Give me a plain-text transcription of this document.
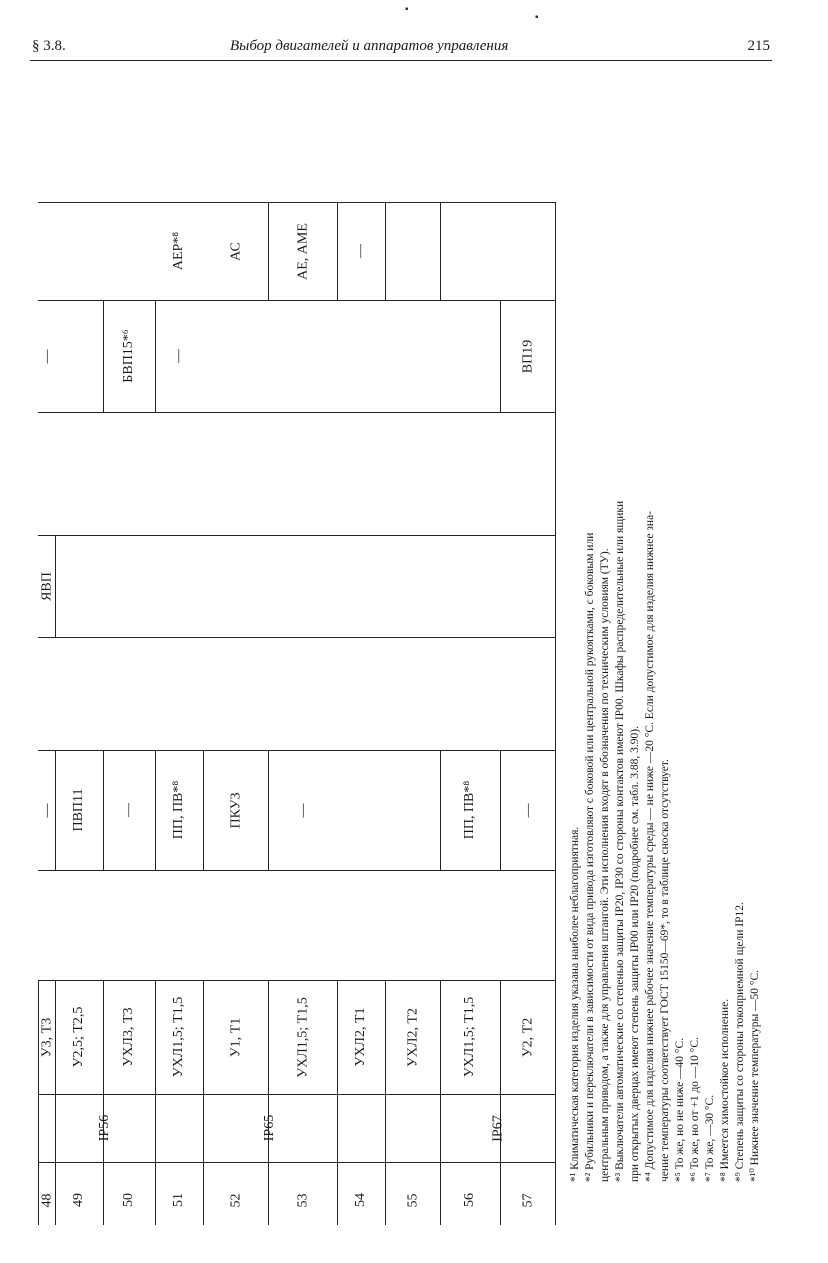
§ 3.8.	Выбор двигателей и аппаратов управления	215
▪
▪
48
У3, Т3
—
ЯВП
—
49
IP56
У2,5; Т2,5
ПВП11
50
УХЛ3, Т3
—
БВП15*⁶
51
УХЛ1,5; Т1,5
ПП, ПВ*⁸
—
АЕР*⁸
52
IP65
У1, Т1
ПКУ3
АС
53
УХЛ1,5; Т1,5
—
АЕ, АМЕ
54
УХЛ2, Т1
—
55
УХЛ2, Т2
56
IP67
УХЛ1,5; Т1,5
ПП, ПВ*⁸
57
У2, Т2
—
ВП19
*¹ Климатическая категория изделия указана наиболее неблагоприятная. *² Рубильники и переключатели в зависимости от вида привода изготовляют с боковой или центральной рукоятками, с боковым или центральным приводом, а также для управления штангой. Эти исполнения входят в обозначения по техническим условиям (ТУ). *³ Выключатели автоматические со степенью защиты IP20, IP30 со стороны контактов имеют IP00. Шкафы распределительные или ящики при открытых дверцах имеют степень защиты IP00 или IP20 (подробнее см. табл. 3.88, 3.90). *⁴ Допустимое для изделия нижнее рабочее значение температуры среды — не ниже —20 °С. Если допустимое для изделия нижнее зна- чение температуры соответствует ГОСТ 15150—69*, то в таблице сноска отсутствует. *⁵ То же, но не ниже —40 °С. *⁶ То же, но от +1 до —10 °С. *⁷ То же, —30 °С. *⁸ Имеется химостойкое исполнение. *⁹ Степень защиты со стороны токоприемной щели IP12. *¹⁰ Нижнее значение температуры —50 °С.
